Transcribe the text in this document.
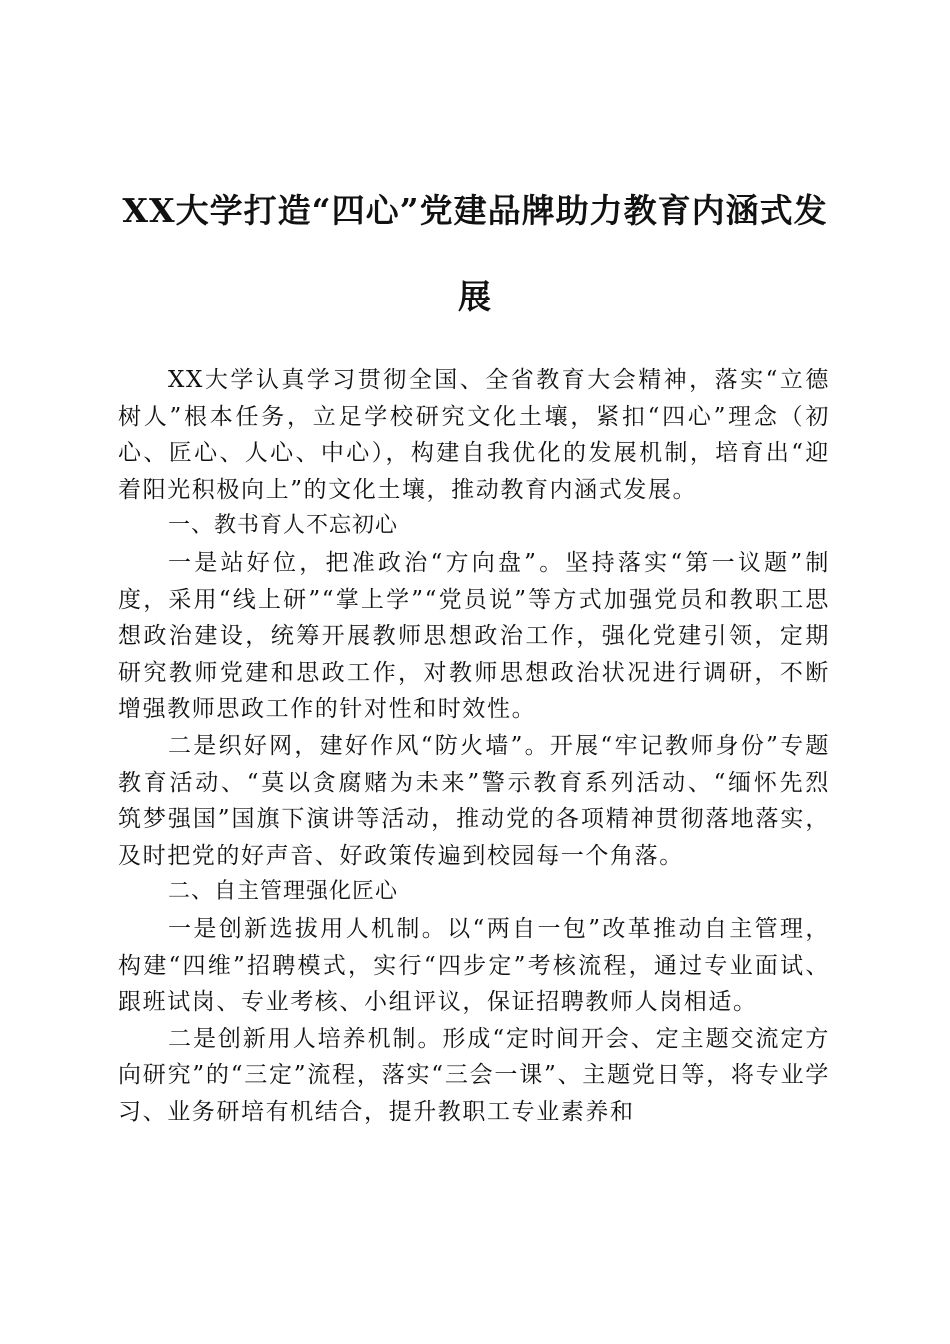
XX大学打造“四心”党建品牌助力教育内涵式发展

XX大学认真学习贯彻全国、全省教育大会精神，落实“立德树人”根本任务，立足学校研究文化土壤，紧扣“四心”理念（初心、匠心、人心、中心），构建自我优化的发展机制，培育出“迎着阳光积极向上”的文化土壤，推动教育内涵式发展。

一、教书育人不忘初心

一是站好位，把准政治“方向盘”。坚持落实“第一议题”制度，采用“线上研”“掌上学”“党员说”等方式加强党员和教职工思想政治建设，统筹开展教师思想政治工作，强化党建引领，定期研究教师党建和思政工作，对教师思想政治状况进行调研，不断增强教师思政工作的针对性和时效性。

二是织好网，建好作风“防火墙”。开展“牢记教师身份”专题教育活动、“莫以贪腐赌为未来”警示教育系列活动、“缅怀先烈 筑梦强国”国旗下演讲等活动，推动党的各项精神贯彻落地落实，及时把党的好声音、好政策传遍到校园每一个角落。

二、自主管理强化匠心

一是创新选拔用人机制。以“两自一包”改革推动自主管理，构建“四维”招聘模式，实行“四步定”考核流程，通过专业面试、跟班试岗、专业考核、小组评议，保证招聘教师人岗相适。

二是创新用人培养机制。形成“定时间开会、定主题交流定方向研究”的“三定”流程，落实“三会一课”、主题党日等，将专业学习、业务研培有机结合，提升教职工专业素养和
